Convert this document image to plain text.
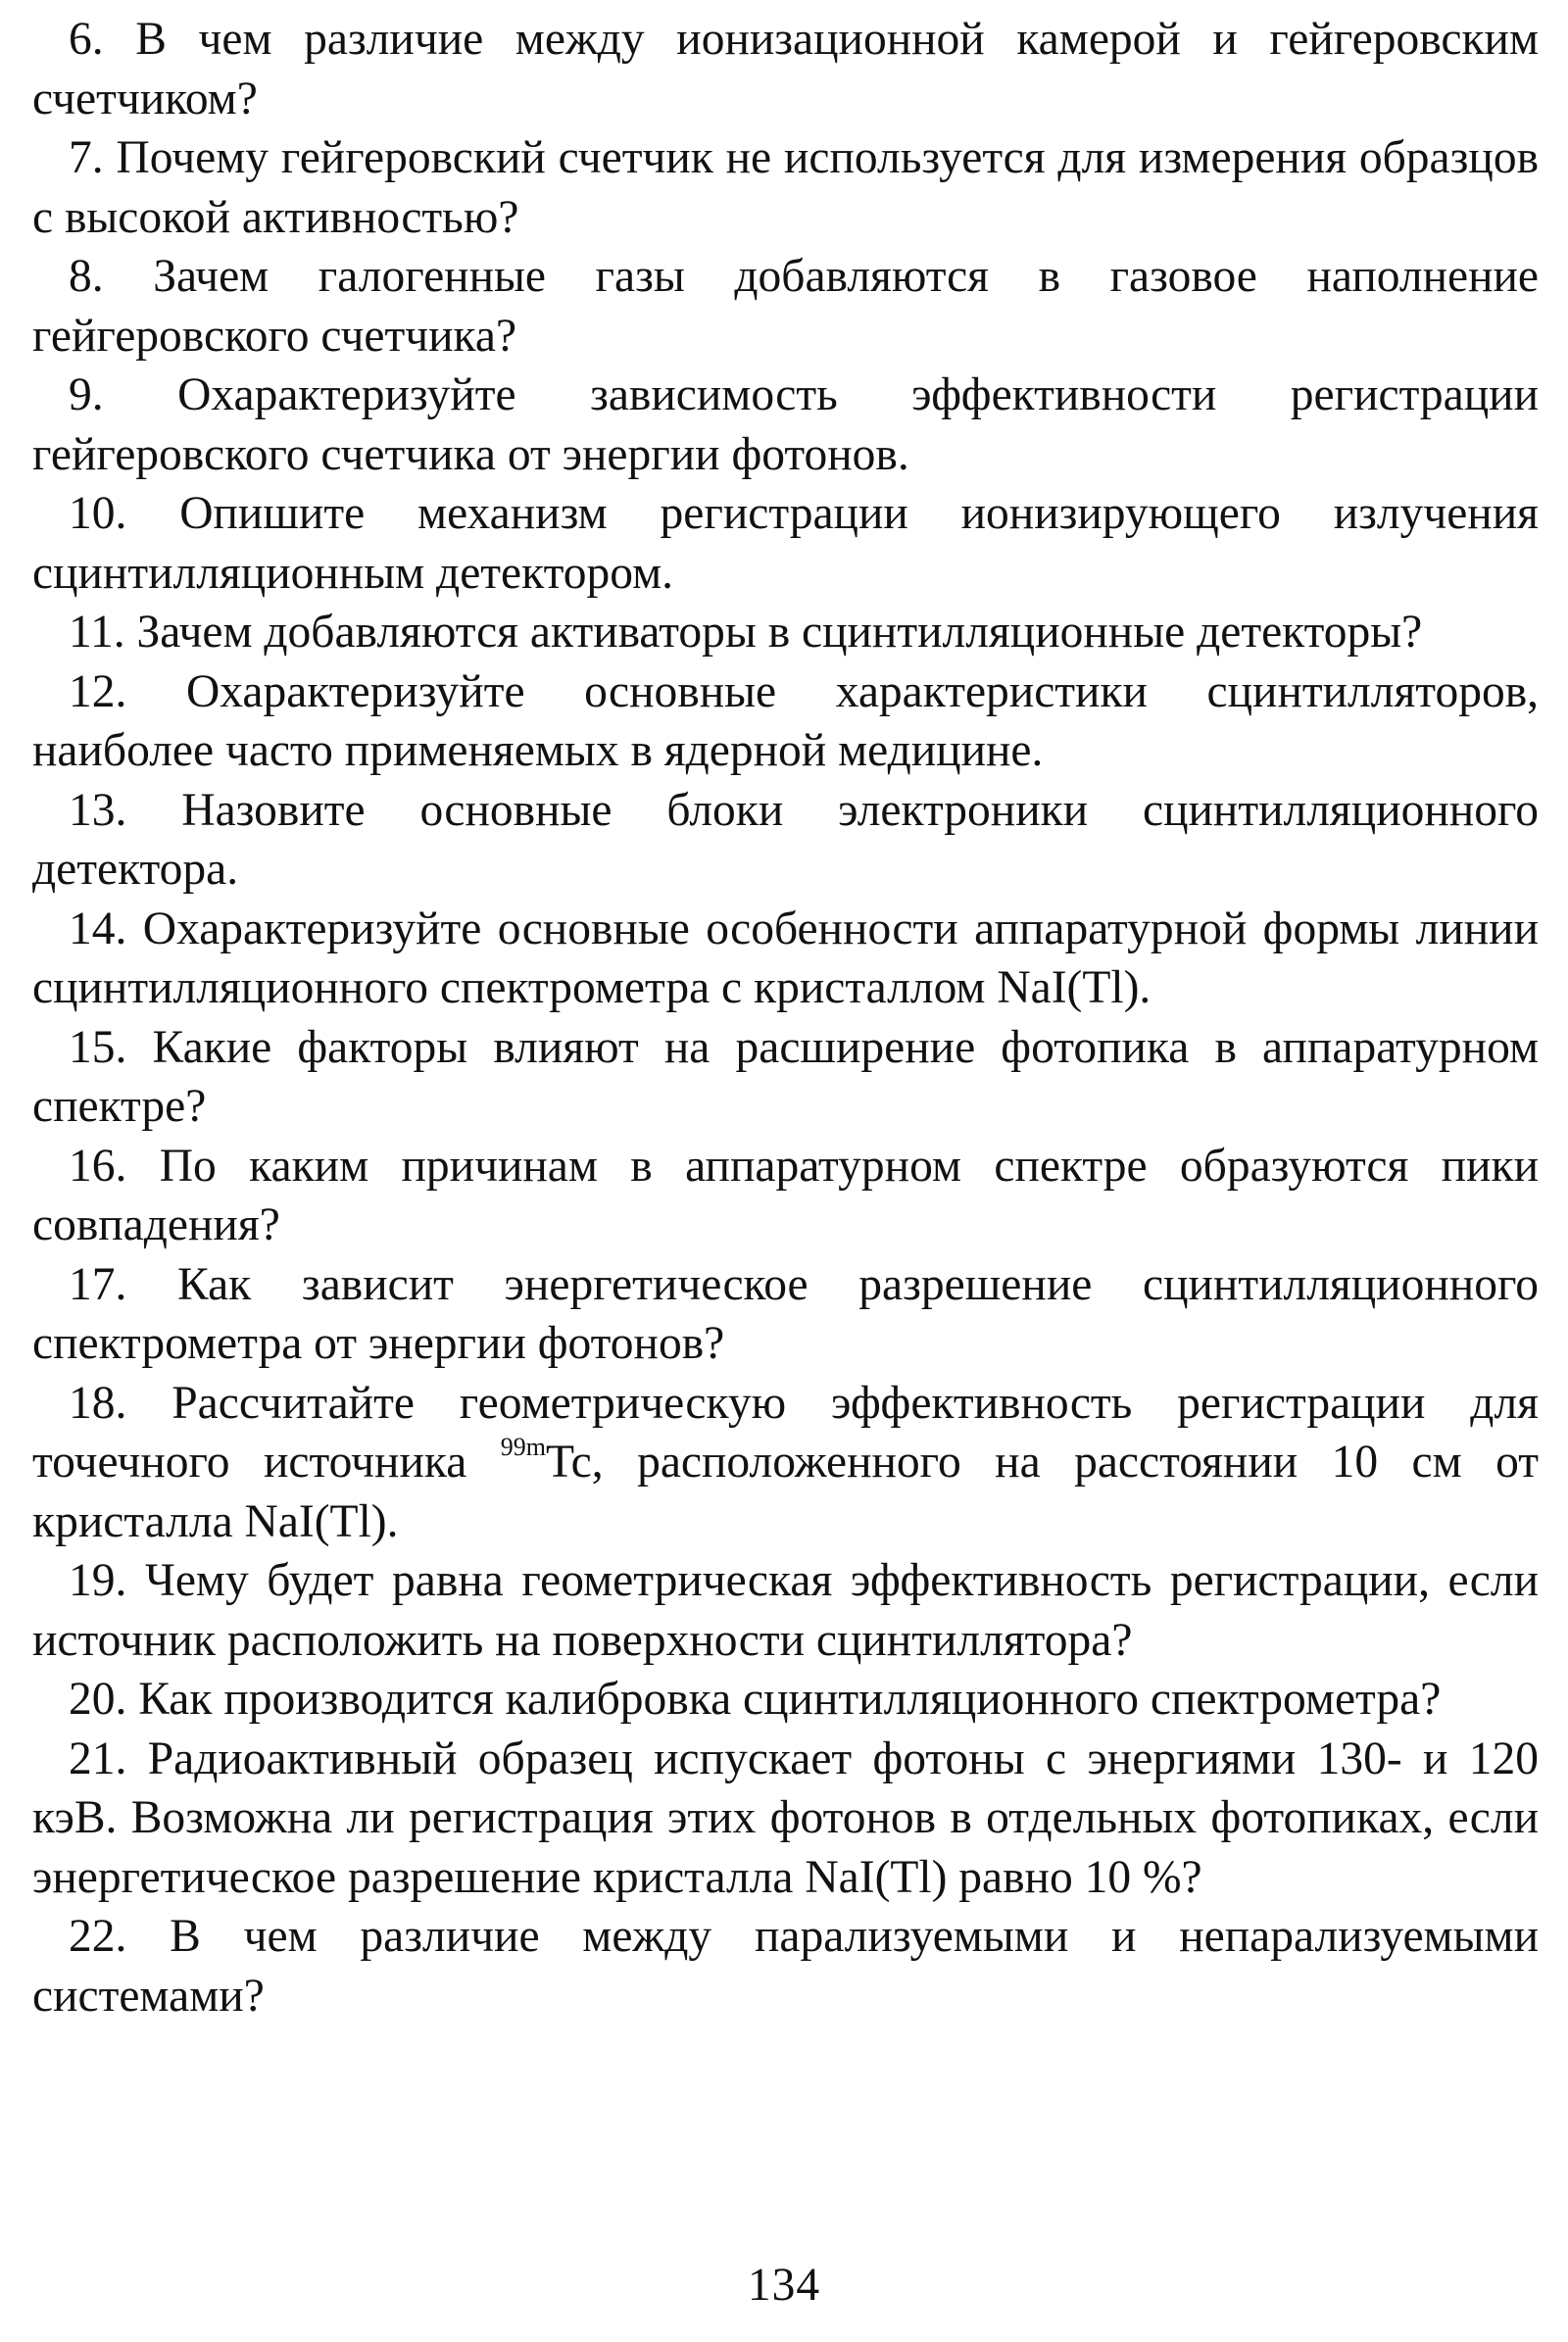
6. В чем различие между ионизационной камерой и гейгеровским счетчиком?

7. Почему гейгеровский счетчик не используется для измерения образцов с высокой активностью?

8. Зачем галогенные газы добавляются в газовое наполнение гейгеровского счетчика?

9. Охарактеризуйте зависимость эффективности регистрации гейгеровского счетчика от энергии фотонов.

10. Опишите механизм регистрации ионизирующего излучения сцинтилляционным детектором.

11. Зачем добавляются активаторы в сцинтилляционные детекторы?

12. Охарактеризуйте основные характеристики сцинтилляторов, наиболее часто применяемых в ядерной медицине.

13. Назовите основные блоки электроники сцинтилляционного детектора.

14. Охарактеризуйте основные особенности аппаратурной формы линии сцинтилляционного спектрометра с кристаллом NaI(Tl).

15. Какие факторы влияют на расширение фотопика в аппаратурном спектре?

16. По каким причинам в аппаратурном спектре образуются пики совпадения?

17. Как зависит энергетическое разрешение сцинтилляционного спектрометра от энергии фотонов?

18. Рассчитайте геометрическую эффективность регистрации для точечного источника $^{99m}$Tc, расположенного на расстоянии 10 см от кристалла NaI(Tl).

19. Чему будет равна геометрическая эффективность регистрации, если источник расположить на поверхности сцинтиллятора?

20. Как производится калибровка сцинтилляционного спектрометра?

21. Радиоактивный образец испускает фотоны с энергиями 130- и 120 кэВ. Возможна ли регистрация этих фотонов в отдельных фотопиках, если энергетическое разрешение кристалла NaI(Tl) равно 10 %?

22. В чем различие между парализуемыми и непарализуемыми системами?

134
